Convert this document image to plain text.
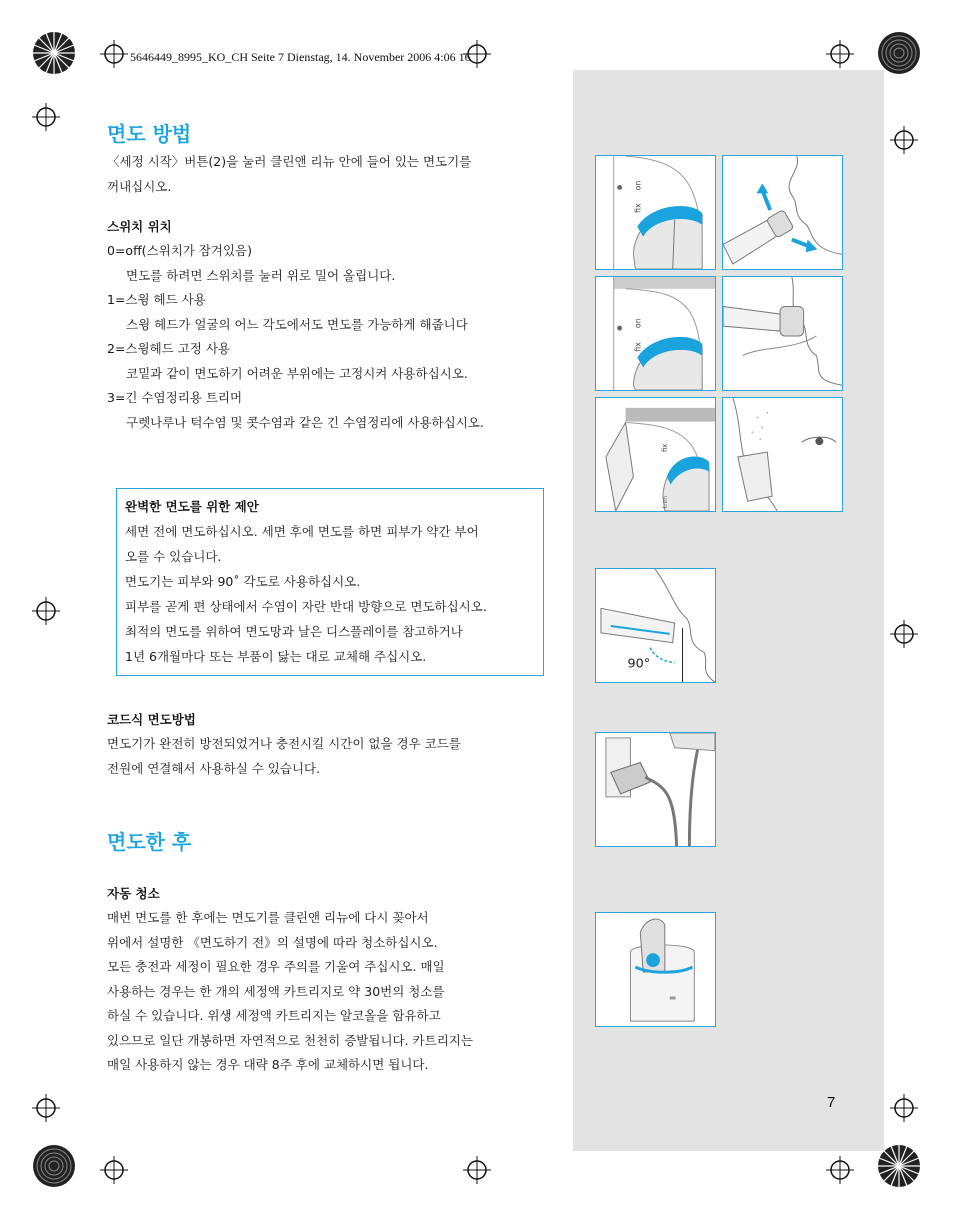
5646449_8995_KO_CH Seite 7 Dienstag, 14. November 2006 4:06 16
면도 방법
〈세정 시작〉버튼(2)을 눌러 클린앤 리뉴 안에 들어 있는 면도기를
꺼내십시오.
스위치 위치
0=off(스위치가 잠겨있음)
면도를 하려면 스위치를 눌러 위로 밀어 올립니다.
1=스윙 헤드 사용
스윙 헤드가 얼굴의 어느 각도에서도 면도를 가능하게 해줍니다
2=스윙헤드 고정 사용
코밑과 같이 면도하기 어려운 부위에는 고정시켜 사용하십시오.
3=긴 수염정리용 트리머
구렛나루나 턱수염 및 콧수염과 같은 긴 수염정리에 사용하십시오.
완벽한 면도를 위한 제안
세면 전에 면도하십시오. 세면 후에 면도를 하면 피부가 약간 부어
오를 수 있습니다.
면도기는 피부와 90˚ 각도로 사용하십시오.
피부를 곧게 편 상태에서 수염이 자란 반대 방향으로 면도하십시오.
최적의 면도를 위하여 면도망과 날은 디스플레이를 참고하거나
1년 6개월마다 또는 부품이 닳는 대로 교체해 주십시오.
코드식 면도방법
면도기가 완전히 방전되었거나 충전시킬 시간이 없을 경우 코드를
전원에 연결해서 사용하실 수 있습니다.
면도한 후
자동 청소
매번 면도를 한 후에는 면도기를 클린앤 리뉴에 다시 꽂아서
위에서 설명한 《면도하기 전》의 설명에 따라 청소하십시오.
모든 충전과 세정이 필요한 경우 주의를 기울여 주십시오. 매일
사용하는 경우는 한 개의 세정액 카트리지로 약 30번의 청소를
하실 수 있습니다. 위생 세정액 카트리지는 알코올을 함유하고
있으므로 일단 개봉하면 자연적으로 천천히 증발됩니다. 카트리지는
매일 사용하지 않는 경우 대략 8주 후에 교체하시면 됩니다.
on
fix
on
fix
fix
trim
90°
7
